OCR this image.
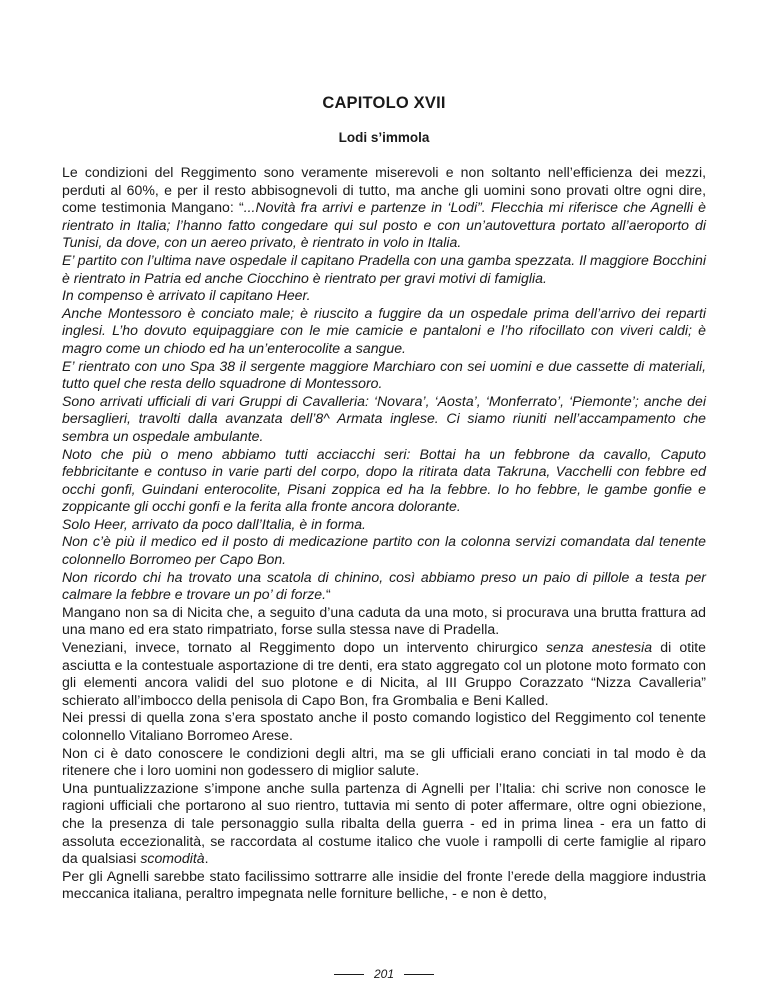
CAPITOLO XVII
Lodi s’immola

Le condizioni del Reggimento sono veramente miserevoli e non soltanto nell’efficienza dei mezzi, perduti al 60%, e per il resto abbisognevoli di tutto, ma anche gli uomini sono provati oltre ogni dire, come testimonia Mangano: “...Novità fra arrivi e partenze in ‘Lodi”. Flecchia mi riferisce che Agnelli è rientrato in Italia; l’hanno fatto congedare qui sul posto e con un’autovettura portato all’aeroporto di Tunisi, da dove, con un aereo privato, è rientrato in volo in Italia.

E’ partito con l’ultima nave ospedale il capitano Pradella con una gamba spezzata. Il maggiore Bocchini è rientrato in Patria ed anche Ciocchino è rientrato per gravi motivi di famiglia.

In compenso è arrivato il capitano Heer.

Anche Montessoro è conciato male; è riuscito a fuggire da un ospedale prima dell’arrivo dei reparti inglesi. L’ho dovuto equipaggiare con le mie camicie e pantaloni e l’ho rifocillato con viveri caldi; è magro come un chiodo ed ha un’enterocolite a sangue.

E’ rientrato con uno Spa 38 il sergente maggiore Marchiaro con sei uomini e due cassette di materiali, tutto quel che resta dello squadrone di Montessoro.

Sono arrivati ufficiali di vari Gruppi di Cavalleria: ‘Novara’, ‘Aosta’, ‘Monferrato’, ‘Piemonte’; anche dei bersaglieri, travolti dalla avanzata dell’8^ Armata inglese. Ci siamo riuniti nell’accampamento che sembra un ospedale ambulante.

Noto che più o meno abbiamo tutti acciacchi seri: Bottai ha un febbrone da cavallo, Caputo febbricitante e contuso in varie parti del corpo, dopo la ritirata data Takruna, Vacchelli con febbre ed occhi gonfi, Guindani enterocolite, Pisani zoppica ed ha la febbre. Io ho febbre, le gambe gonfie e zoppicante gli occhi gonfi e la ferita alla fronte ancora dolorante.

Solo Heer, arrivato da poco dall’Italia, è in forma.

Non c’è più il medico ed il posto di medicazione partito con la colonna servizi comandata dal tenente colonnello Borromeo per Capo Bon.

Non ricordo chi ha trovato una scatola di chinino, così abbiamo preso un paio di pillole a testa per calmare la febbre e trovare un po’ di forze.“

Mangano non sa di Nicita che, a seguito d’una caduta da una moto, si procurava una brutta frattura ad una mano ed era stato rimpatriato, forse sulla stessa nave di Pradella.

Veneziani, invece, tornato al Reggimento dopo un intervento chirurgico senza anestesia di otite asciutta e la contestuale asportazione di tre denti, era stato aggregato col un plotone moto formato con gli elementi ancora validi del suo plotone e di Nicita, al III Gruppo Corazzato “Nizza Cavalleria” schierato all’imbocco della penisola di Capo Bon, fra Grombalia e Beni Kalled.

Nei pressi di quella zona s’era spostato anche il posto comando logistico del Reggimento col tenente colonnello Vitaliano Borromeo Arese.

Non ci è dato conoscere le condizioni degli altri, ma se gli ufficiali erano conciati in tal modo è da ritenere che i loro uomini non godessero di miglior salute.

Una puntualizzazione s’impone anche sulla partenza di Agnelli per l’Italia: chi scrive non conosce le ragioni ufficiali che portarono al suo rientro, tuttavia mi sento di poter affermare, oltre ogni obiezione, che la presenza di tale personaggio sulla ribalta della guerra - ed in prima linea - era un fatto di assoluta eccezionalità, se raccordata al costume italico che vuole i rampolli di certe famiglie al riparo da qualsiasi scomodità.

Per gli Agnelli sarebbe stato facilissimo sottrarre alle insidie del fronte l’erede della maggiore industria meccanica italiana, peraltro impegnata nelle forniture belliche, - e non è detto,

201
